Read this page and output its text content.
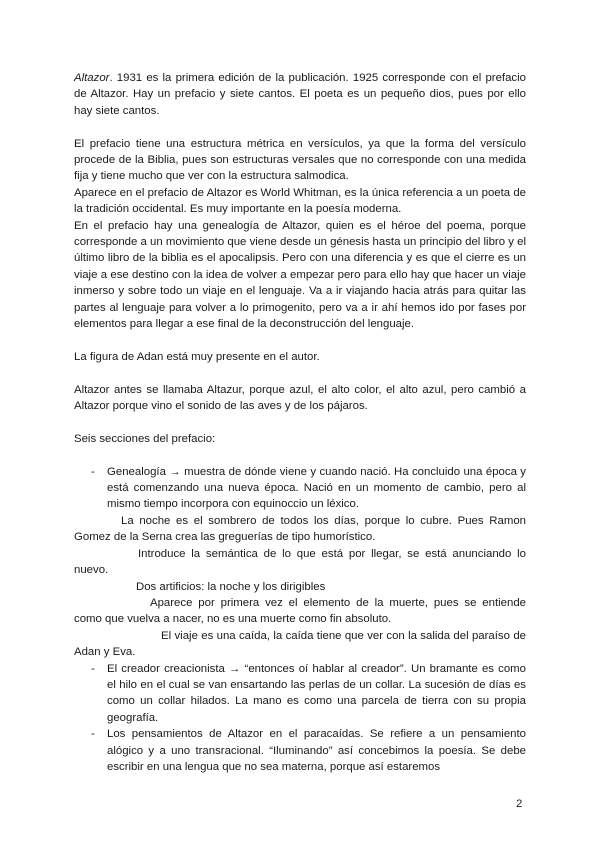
Altazor. 1931 es la primera edición de la publicación. 1925 corresponde con el prefacio de Altazor. Hay un prefacio y siete cantos. El poeta es un pequeño dios, pues por ello hay siete cantos.

El prefacio tiene una estructura métrica en versículos, ya que la forma del versículo procede de la Biblia, pues son estructuras versales que no corresponde con una medida fija y tiene mucho que ver con la estructura salmodica.

Aparece en el prefacio de Altazor es World Whitman, es la única referencia a un poeta de la tradición occidental. Es muy importante en la poesía moderna.

En el prefacio hay una genealogía de Altazor, quien es el héroe del poema, porque corresponde a un movimiento que viene desde un génesis hasta un principio del libro y el último libro de la biblia es el apocalipsis. Pero con una diferencia y es que el cierre es un viaje a ese destino con la idea de volver a empezar pero para ello hay que hacer un viaje inmerso y sobre todo un viaje en el lenguaje. Va a ir viajando hacia atrás para quitar las partes al lenguaje para volver a lo primogenito, pero va a ir ahí hemos ido por fases por elementos para llegar a ese final de la deconstrucción del lenguaje.

La figura de Adan está muy presente en el autor.

Altazor antes se llamaba Altazur, porque azul, el alto color, el alto azul, pero cambió a Altazor porque vino el sonido de las aves y de los pájaros.

Seis secciones del prefacio:

- Genealogía → muestra de dónde viene y cuando nació. Ha concluido una época y está comenzando una nueva época. Nació en un momento de cambio, pero al mismo tiempo incorpora con equinoccio un léxico.

La noche es el sombrero de todos los días, porque lo cubre. Pues Ramon Gomez de la Serna crea las greguerías de tipo humorístico.

Introduce la semántica de lo que está por llegar, se está anunciando lo nuevo.

Dos artificios: la noche y los dirigibles

Aparece por primera vez el elemento de la muerte, pues se entiende como que vuelva a nacer, no es una muerte como fin absoluto.

El viaje es una caída, la caída tiene que ver con la salida del paraíso de Adan y Eva.

- El creador creacionista → “entonces oí hablar al creador”. Un bramante es como el hilo en el cual se van ensartando las perlas de un collar. La sucesión de días es como un collar hilados. La mano es como una parcela de tierra con su propia geografía.
- Los pensamientos de Altazor en el paracaídas. Se refiere a un pensamiento alógico y a uno transracional. “Iluminando” así concebimos la poesía. Se debe escribir en una lengua que no sea materna, porque así estaremos
2
